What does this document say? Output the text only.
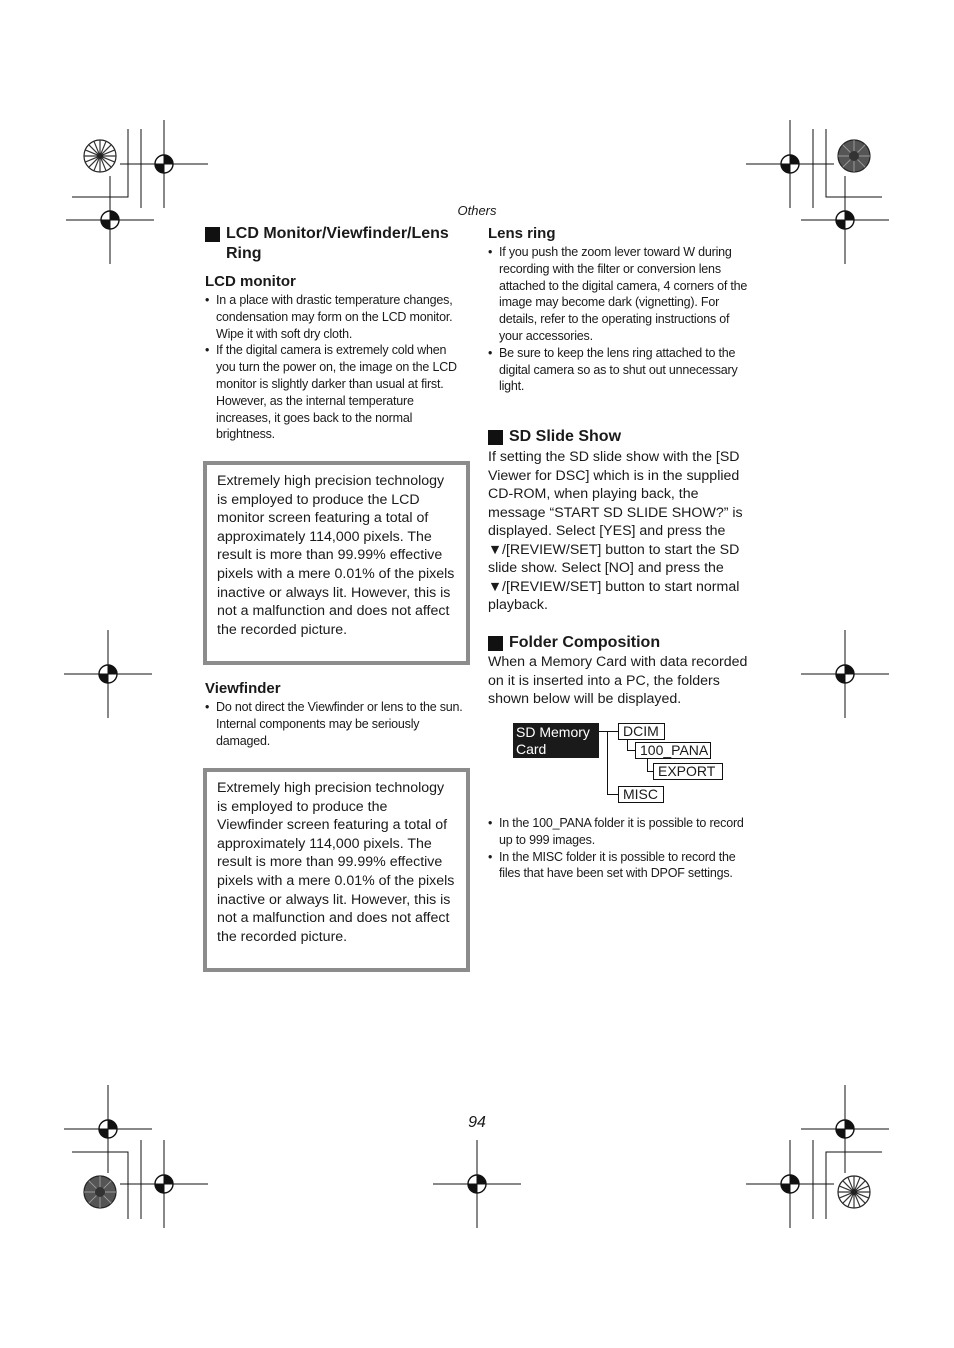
Others
LCD Monitor/Viewfinder/Lens Ring
LCD monitor
• In a place with drastic temperature changes, condensation may form on the LCD monitor. Wipe it with soft dry cloth.
• If the digital camera is extremely cold when you turn the power on, the image on the LCD monitor is slightly darker than usual at first. However, as the internal temperature increases, it goes back to the normal brightness.
Extremely high precision technology is employed to produce the LCD monitor screen featuring a total of approximately 114,000 pixels. The result is more than 99.99% effective pixels with a mere 0.01% of the pixels inactive or always lit. However, this is not a malfunction and does not affect the recorded picture.
Viewfinder
• Do not direct the Viewfinder or lens to the sun. Internal components may be seriously damaged.
Extremely high precision technology is employed to produce the Viewfinder screen featuring a total of approximately 114,000 pixels. The result is more than 99.99% effective pixels with a mere 0.01% of the pixels inactive or always lit. However, this is not a malfunction and does not affect the recorded picture.
Lens ring
• If you push the zoom lever toward W during recording with the filter or conversion lens attached to the digital camera, 4 corners of the image may become dark (vignetting). For details, refer to the operating instructions of your accessories.
• Be sure to keep the lens ring attached to the digital camera so as to shut out unnecessary light.
SD Slide Show

If setting the SD slide show with the [SD Viewer for DSC] which is in the supplied CD-ROM, when playing back, the message “START SD SLIDE SHOW?” is displayed. Select [YES] and press the ▼/[REVIEW/SET] button to start the SD slide show. Select [NO] and press the ▼/[REVIEW/SET] button to start normal playback.

Folder Composition

When a Memory Card with data recorded on it is inserted into a PC, the folders shown below will be displayed.

SD Memory
Card
DCIM
100_PANA
EXPORT
MISC
• In the 100_PANA folder it is possible to record up to 999 images.
• In the MISC folder it is possible to record the files that have been set with DPOF settings.
94
